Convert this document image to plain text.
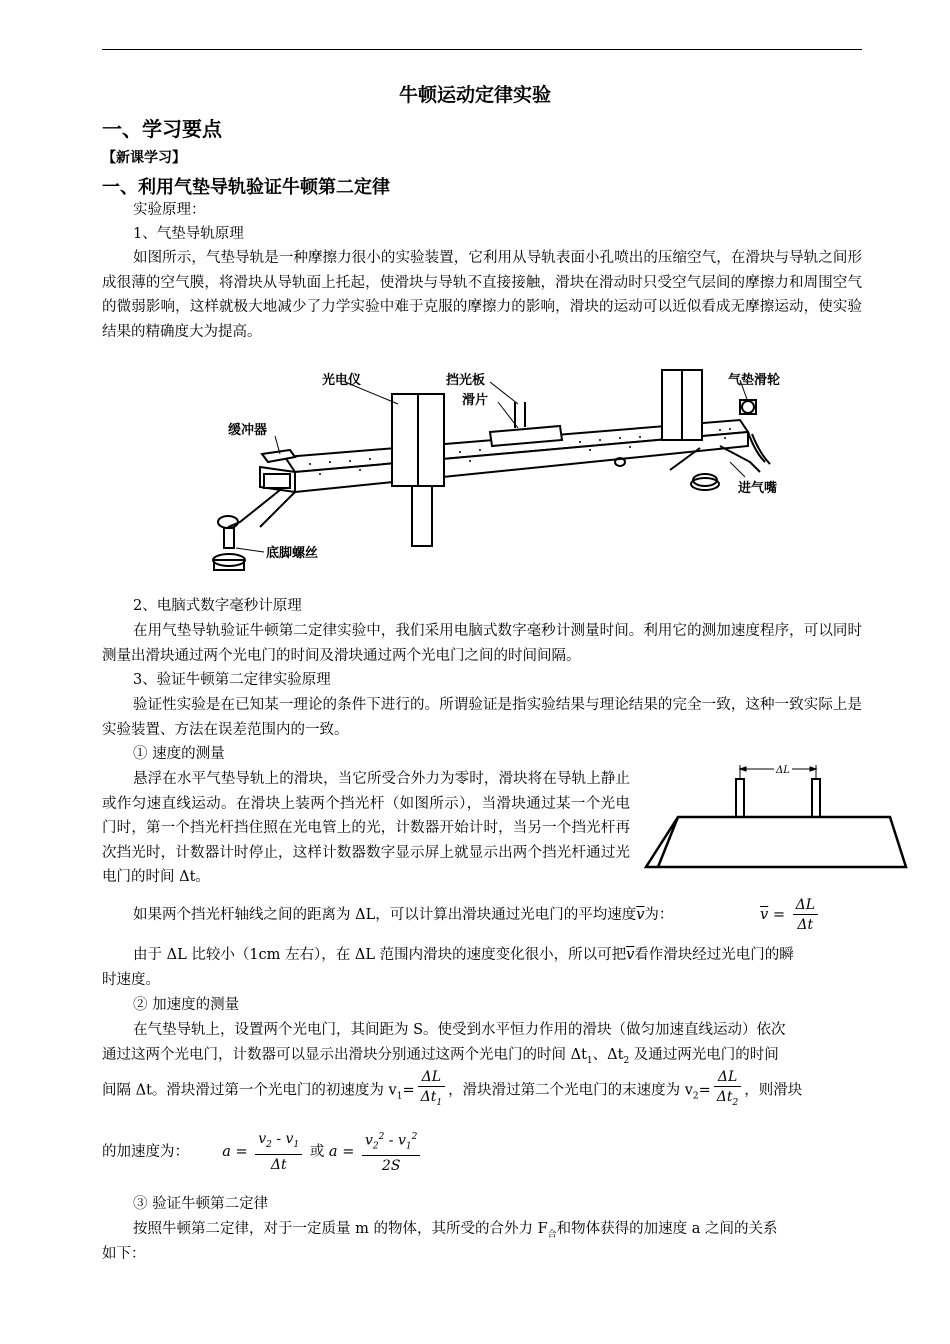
牛顿运动定律实验
一、学习要点
【新课学习】
一、利用气垫导轨验证牛顿第二定律
实验原理：
1、气垫导轨原理
如图所示，气垫导轨是一种摩擦力很小的实验装置，它利用从导轨表面小孔喷出的压缩空气，在滑块与导轨之间形成很薄的空气膜，将滑块从导轨面上托起，使滑块与导轨不直接接触，滑块在滑动时只受空气层间的摩擦力和周围空气的微弱影响，这样就极大地减少了力学实验中难于克服的摩擦力的影响，滑块的运动可以近似看成无摩擦运动，使实验结果的精确度大为提高。
光电仪	挡光板
滑片
气垫滑轮
缓冲器
进气嘴
底脚螺丝
2、电脑式数字毫秒计原理
在用气垫导轨验证牛顿第二定律实验中，我们采用电脑式数字毫秒计测量时间。利用它的测加速度程序，可以同时测量出滑块通过两个光电门的时间及滑块通过两个光电门之间的时间间隔。
3、验证牛顿第二定律实验原理
验证性实验是在已知某一理论的条件下进行的。所谓验证是指实验结果与理论结果的完全一致，这种一致实际上是实验装置、方法在误差范围内的一致。
① 速度的测量
悬浮在水平气垫导轨上的滑块，当它所受合外力为零时，滑块将在导轨上静止或作匀速直线运动。在滑块上装两个挡光杆（如图所示），当滑块通过某一个光电门时，第一个挡光杆挡住照在光电管上的光，计数器开始计时，当另一个挡光杆再次挡光时，计数器计时停止，这样计数器数字显示屏上就显示出两个挡光杆通过光电门的时间 Δt。
ΔL
如果两个挡光杆轴线之间的距离为 ΔL，可以计算出滑块通过光电门的平均速度$\overline{v}$为：	$\overline{v} = \frac{\Delta L}{\Delta t}$
由于 ΔL 比较小（1cm 左右），在 ΔL 范围内滑块的速度变化很小，所以可把$\overline{v}$看作滑块经过光电门的瞬
时速度。
② 加速度的测量
在气垫导轨上，设置两个光电门，其间距为 S。使受到水平恒力作用的滑块（做匀加速直线运动）依次
通过这两个光电门，计数器可以显示出滑块分别通过这两个光电门的时间 $\Delta t_1$、$\Delta t_2$ 及通过两光电门的时间
间隔 Δt。滑块滑过第一个光电门的初速度为 $v_1= \frac{\Delta L}{\Delta t_1}$ ，滑块滑过第二个光电门的末速度为 $v_2= \frac{\Delta L}{\Delta t_2}$ ，则滑块
的加速度为： $a = \frac{v_2 - v_1}{\Delta t}$ 或 $a = \frac{v_2^2 - v_1^2}{2S}$
③ 验证牛顿第二定律
按照牛顿第二定律，对于一定质量 m 的物体，其所受的合外力 $F_合$和物体获得的加速度 a 之间的关系
如下：
